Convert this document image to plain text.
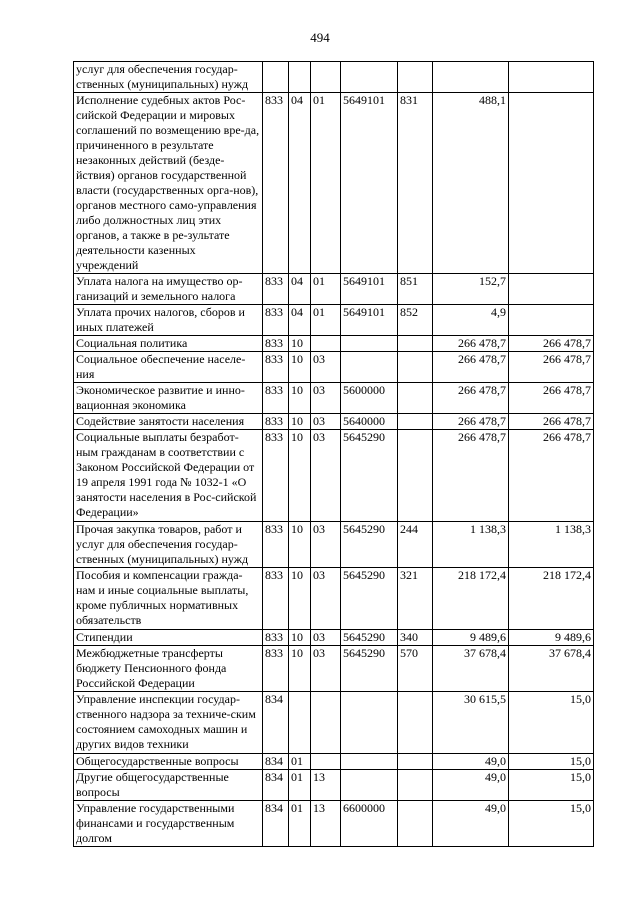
494
услуг для обеспечения государ-ственных (муниципальных) нужд							
Исполнение судебных актов Рос-сийской Федерации и мировых соглашений по возмещению вре-да, причиненного в результате незаконных действий (безде-йствия) органов государственной власти (государственных орга-нов), органов местного само-управления либо должностных лиц этих органов, а также в ре-зультате деятельности казенных учреждений	833	04	01	5649101	831	488,1	
Уплата налога на имущество ор-ганизаций и земельного налога	833	04	01	5649101	851	152,7	
Уплата прочих налогов, сборов и иных платежей	833	04	01	5649101	852	4,9	
Социальная политика	833	10				266 478,7	266 478,7
Социальное обеспечение населе-ния	833	10	03			266 478,7	266 478,7
Экономическое развитие и инно-вационная экономика	833	10	03	5600000		266 478,7	266 478,7
Содействие занятости населения	833	10	03	5640000		266 478,7	266 478,7
Социальные выплаты безработ-ным гражданам в соответствии с Законом Российской Федерации от 19 апреля 1991 года № 1032-1 «О занятости населения в Рос-сийской Федерации»	833	10	03	5645290		266 478,7	266 478,7
Прочая закупка товаров, работ и услуг для обеспечения государ-ственных (муниципальных) нужд	833	10	03	5645290	244	1 138,3	1 138,3
Пособия и компенсации гражда-нам и иные социальные выплаты, кроме публичных нормативных обязательств	833	10	03	5645290	321	218 172,4	218 172,4
Стипендии	833	10	03	5645290	340	9 489,6	9 489,6
Межбюджетные трансферты бюджету Пенсионного фонда Российской Федерации	833	10	03	5645290	570	37 678,4	37 678,4
Управление инспекции государ-ственного надзора за техниче-ским состоянием самоходных машин и других видов техники	834					30 615,5	15,0
Общегосударственные вопросы	834	01				49,0	15,0
Другие общегосударственные вопросы	834	01	13			49,0	15,0
Управление государственными финансами и государственным долгом	834	01	13	6600000		49,0	15,0
